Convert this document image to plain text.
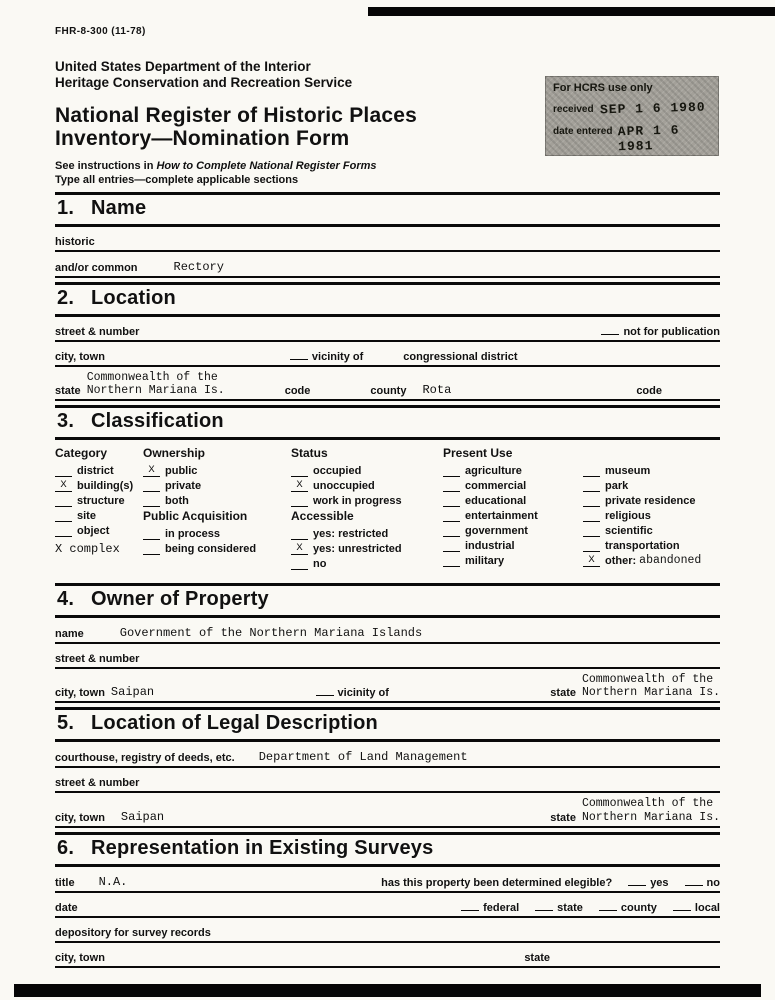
FHR-8-300 (11-78)
United States Department of the Interior
Heritage Conservation and Recreation Service
National Register of Historic Places
Inventory—Nomination Form
See instructions in How to Complete National Register Forms
Type all entries—complete applicable sections
For HCRS use only
received SEP 1 6 1980
date entered APR 1 6 1981
1. Name
historic
and/or common	Rectory
2. Location
street & number	not for publication
city, town	vicinity of	congressional district
state
Commonwealth of the
Northern Mariana Is.	code	county Rota	code
3. Classification
Category
district
X building(s)
structure
site
object
X complex
Ownership
X public
private
both
Public Acquisition
in process
being considered
Status
occupied
X unoccupied
work in progress
Accessible
yes: restricted
X yes: unrestricted
no
Present Use
agriculture
commercial
educational
entertainment
government
industrial
military
museum
park
private residence
religious
scientific
transportation
X other: abandoned
4. Owner of Property
name	Government of the Northern Mariana Islands
street & number
city, town Saipan	vicinity of	state
Commonwealth of the
Northern Mariana Is.
5. Location of Legal Description
courthouse, registry of deeds, etc. Department of Land Management
street & number
city, town Saipan	state
Commonwealth of the
Northern Mariana Is.
6. Representation in Existing Surveys
title N.A.	has this property been determined elegible?	yes	no
date	federal	state	county	local
depository for survey records
city, town	state
